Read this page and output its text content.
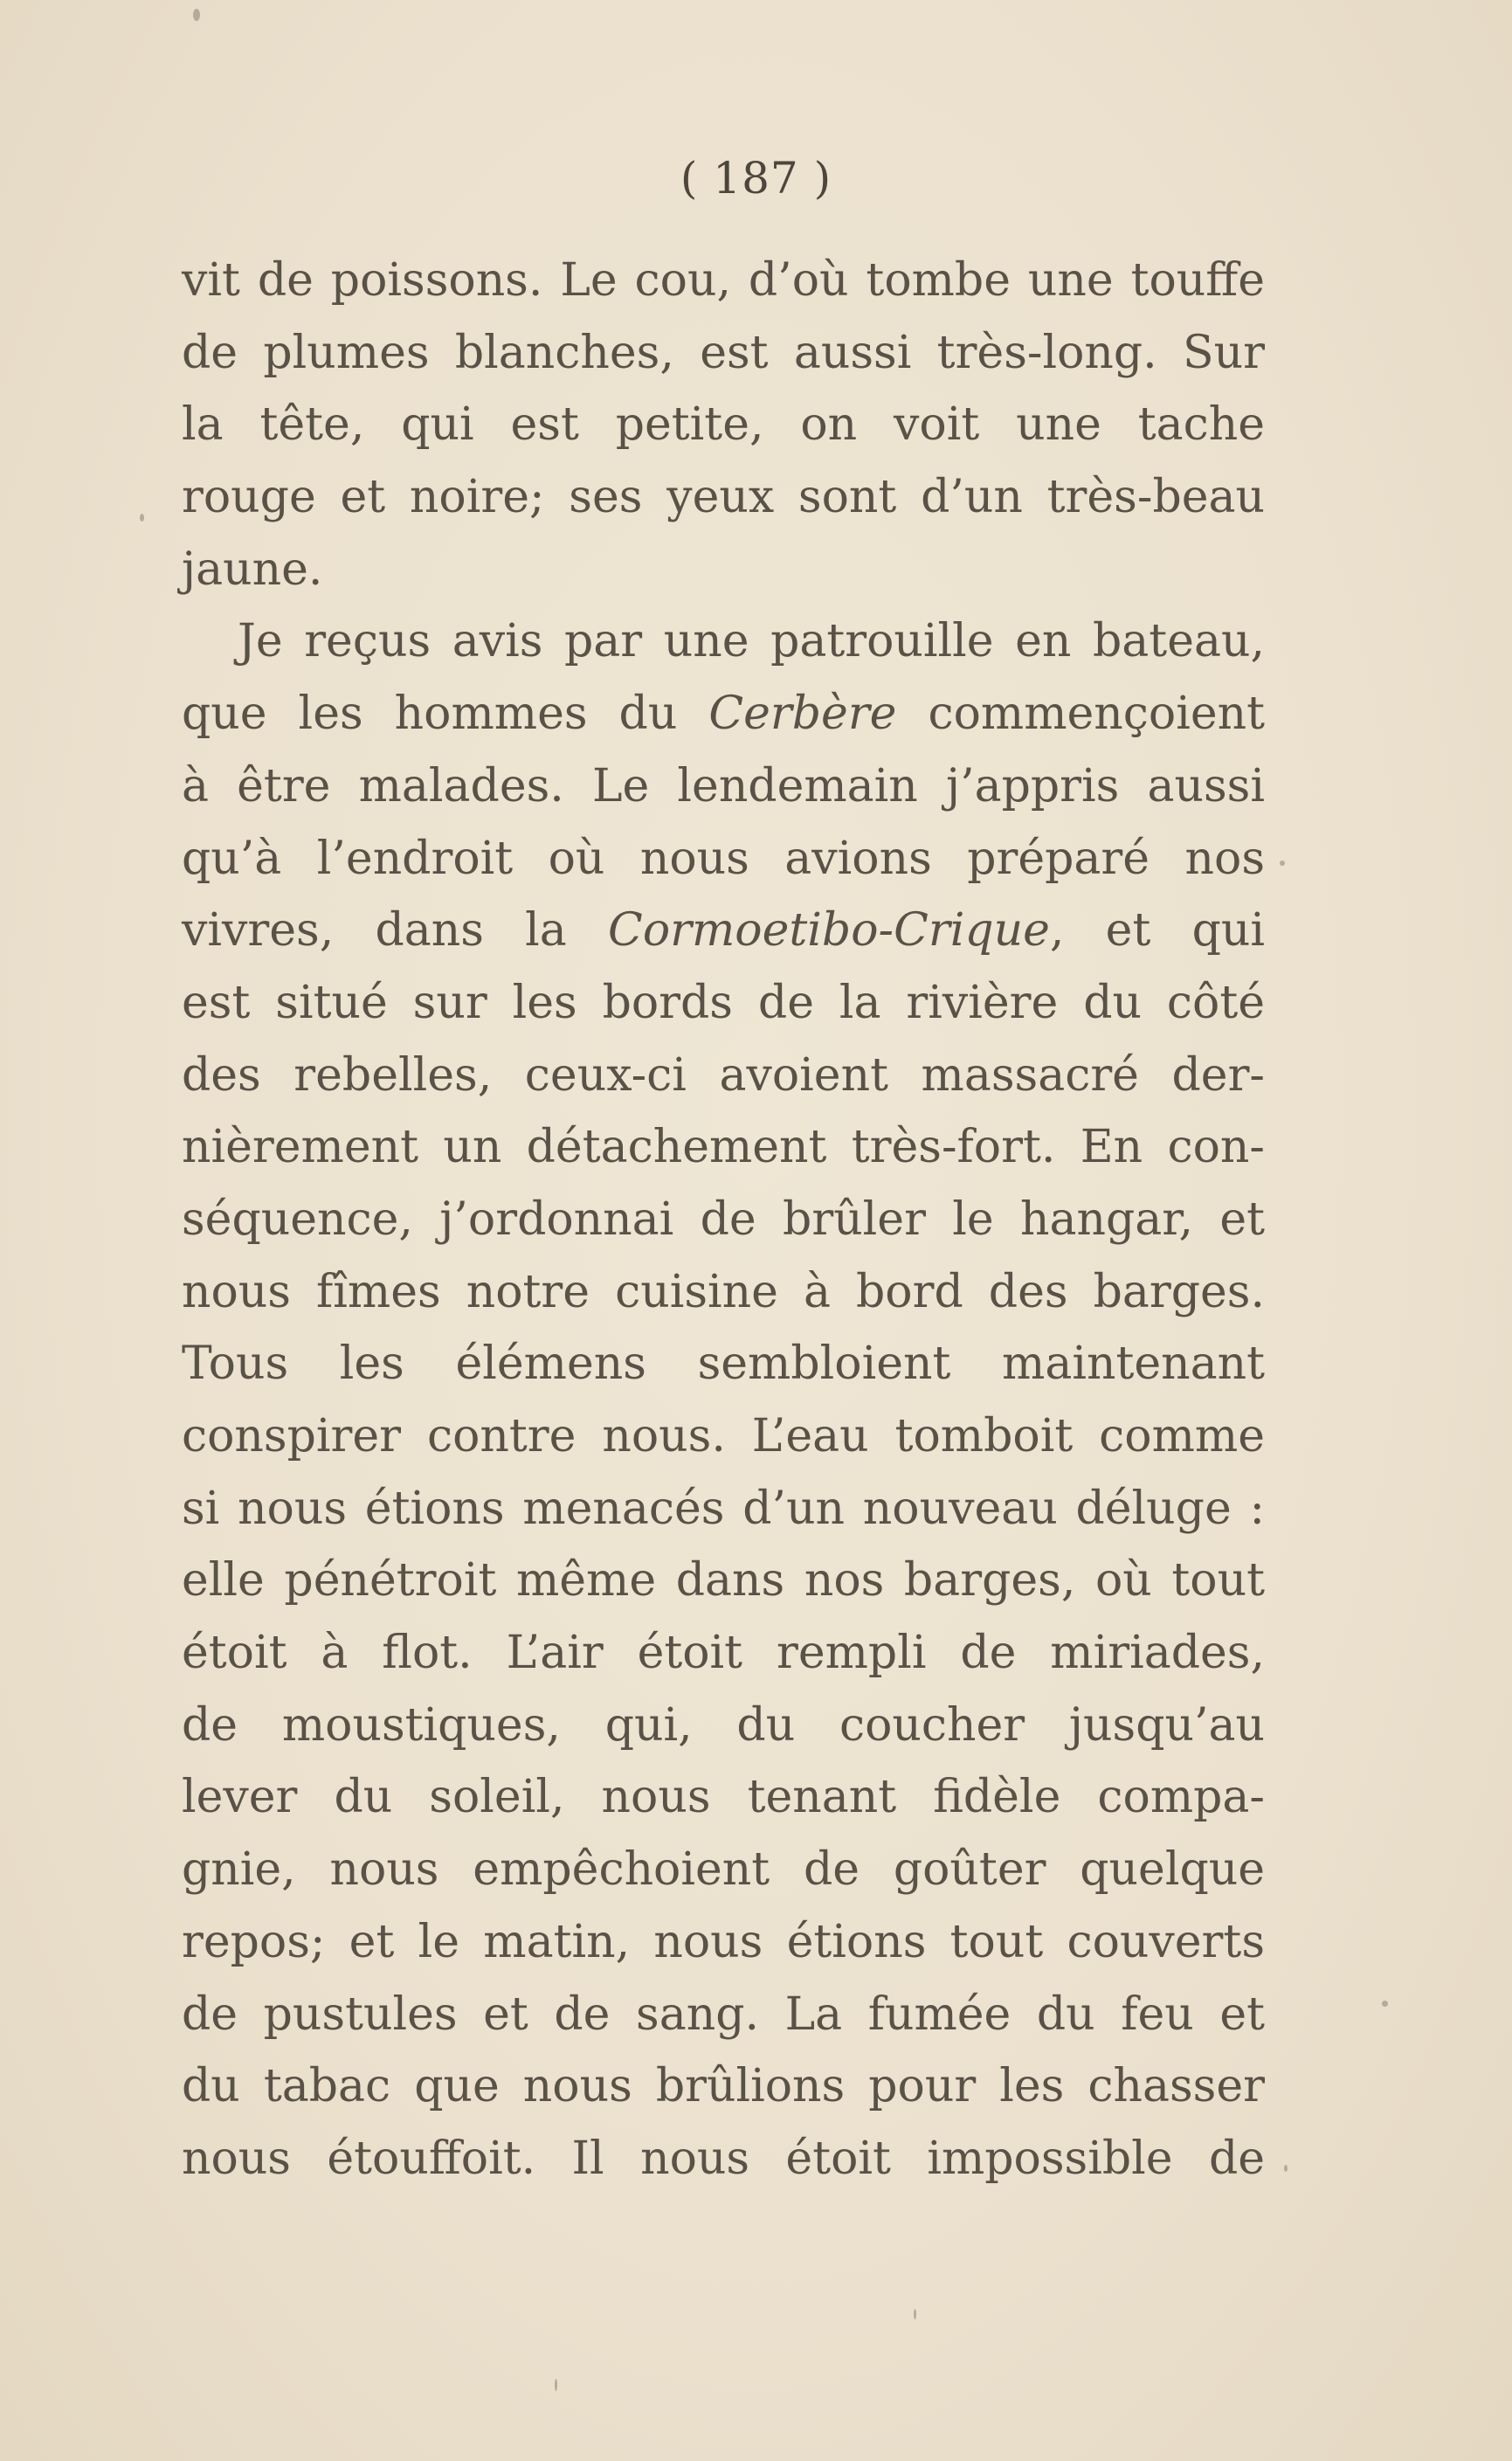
( 187 )
vit de poissons. Le cou, d’où tombe une touffe
de plumes blanches, est aussi très-long. Sur
la tête, qui est petite, on voit une tache
rouge et noire; ses yeux sont d’un très-beau
jaune.
Je reçus avis par une patrouille en bateau,
que les hommes du Cerbère commençoient
à être malades. Le lendemain j’appris aussi
qu’à l’endroit où nous avions préparé nos
vivres, dans la Cormoetibo-Crique, et qui
est situé sur les bords de la rivière du côté
des rebelles, ceux-ci avoient massacré der-
nièrement un détachement très-fort. En con-
séquence, j’ordonnai de brûler le hangar, et
nous fîmes notre cuisine à bord des barges.
Tous les élémens sembloient maintenant
conspirer contre nous. L’eau tomboit comme
si nous étions menacés d’un nouveau déluge :
elle pénétroit même dans nos barges, où tout
étoit à flot. L’air étoit rempli de miriades,
de moustiques, qui, du coucher jusqu’au
lever du soleil, nous tenant fidèle compa-
gnie, nous empêchoient de goûter quelque
repos; et le matin, nous étions tout couverts
de pustules et de sang. La fumée du feu et
du tabac que nous brûlions pour les chasser
nous étouffoit. Il nous étoit impossible de
